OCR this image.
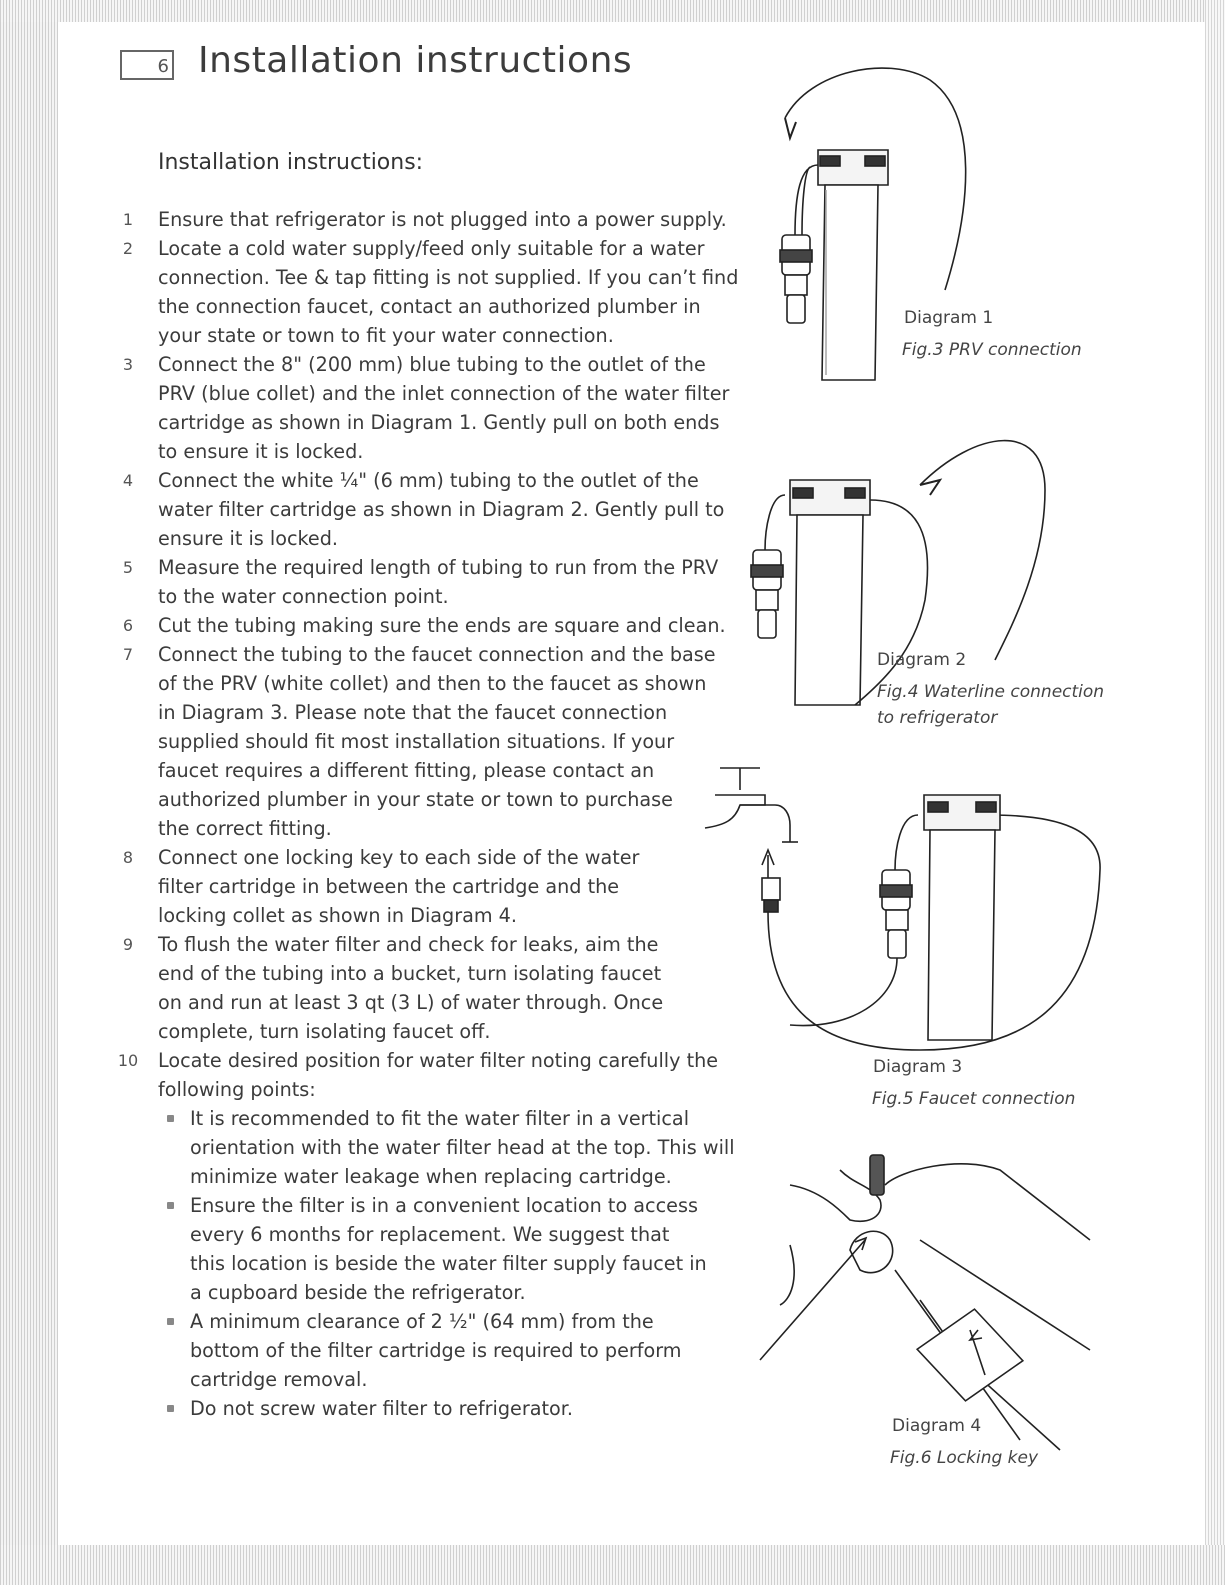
6 Installation instructions
Installation instructions:
1	Ensure that refrigerator is not plugged into a power supply.
2	Locate a cold water supply/feed only suitable for a water
connection. Tee & tap fitting is not supplied. If you can’t find
the connection faucet, contact an authorized plumber in
your state or town to fit your water connection.
3	Connect the 8" (200 mm) blue tubing to the outlet of the
PRV (blue collet) and the inlet connection of the water filter
cartridge as shown in Diagram 1. Gently pull on both ends
to ensure it is locked.
4	Connect the white ¼" (6 mm) tubing to the outlet of the
water filter cartridge as shown in Diagram 2. Gently pull to
ensure it is locked.
5	Measure the required length of tubing to run from the PRV
to the water connection point.
6	Cut the tubing making sure the ends are square and clean.
7	Connect the tubing to the faucet connection and the base
of the PRV (white collet) and then to the faucet as shown
in Diagram 3. Please note that the faucet connection
supplied should fit most installation situations. If your
faucet requires a different fitting, please contact an
authorized plumber in your state or town to purchase
the correct fitting.
8	Connect one locking key to each side of the water
filter cartridge in between the cartridge and the
locking collet as shown in Diagram 4.
9	To flush the water filter and check for leaks, aim the
end of the tubing into a bucket, turn isolating faucet
on and run at least 3 qt (3 L) of water through. Once
complete, turn isolating faucet off.
10 Locate desired position for water filter noting carefully the
following points:
It is recommended to fit the water filter in a vertical
orientation with the water filter head at the top. This will
minimize water leakage when replacing cartridge.
Ensure the filter is in a convenient location to access
every 6 months for replacement. We suggest that
this location is beside the water filter supply faucet in
a cupboard beside the refrigerator.
A minimum clearance of 2 ½" (64 mm) from the
bottom of the filter cartridge is required to perform
cartridge removal.
Do not screw water filter to refrigerator.
Diagram 1
Fig.3 PRV connection
Diagram 2
Fig.4 Waterline connection
to refrigerator
Diagram 3
Fig.5 Faucet connection
Diagram 4
Fig.6 Locking key
